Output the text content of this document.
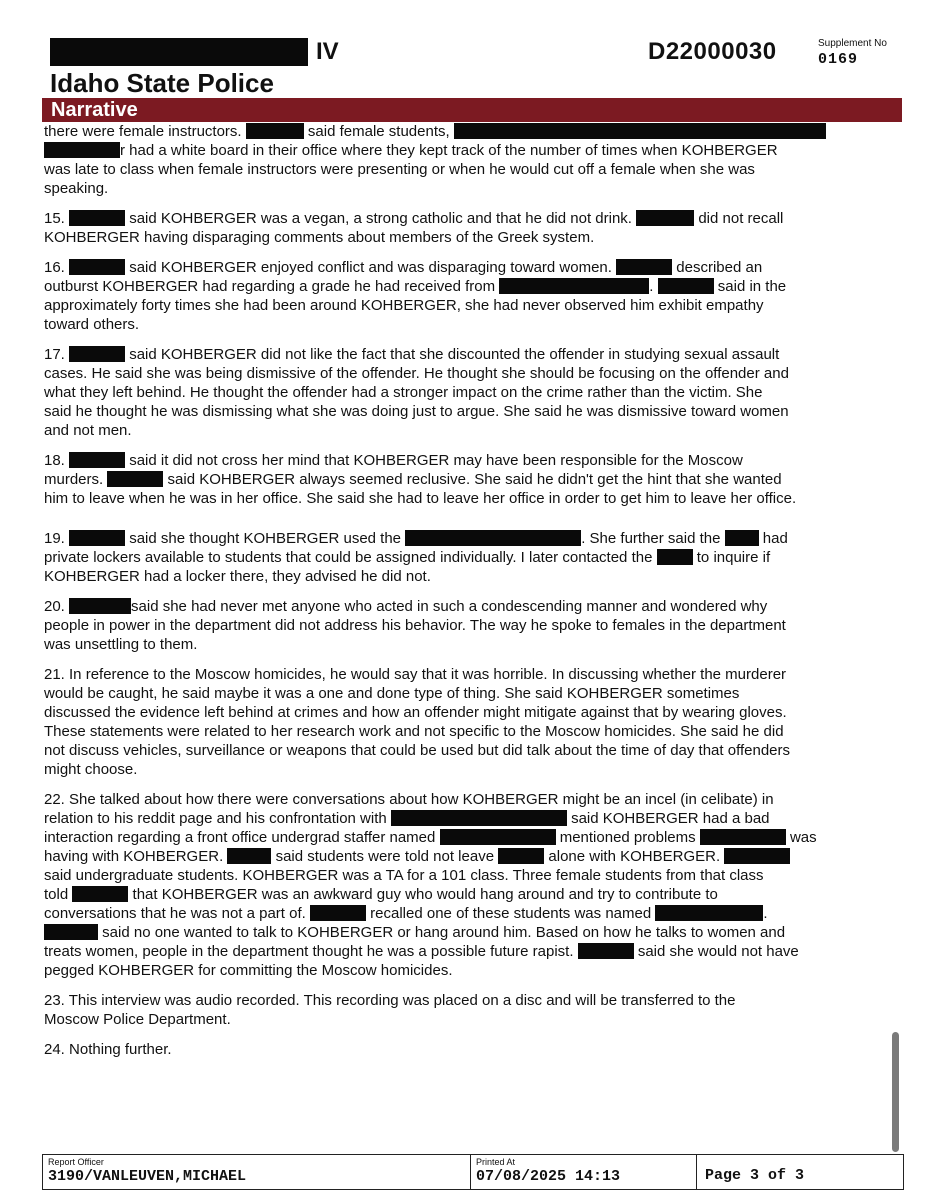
IV	D22000030	Supplement No
0169
Idaho State Police
Narrative

there were female instructors.	said female students,

r had a white board in their office where they kept track of the number of times when KOHBERGER

was late to class when female instructors were presenting or when he would cut off a female when she was

speaking.

15.	said KOHBERGER was a vegan, a strong catholic and that he did not drink.	did not recall

KOHBERGER having disparaging comments about members of the Greek system.

16.	said KOHBERGER enjoyed conflict and was disparaging toward women.	described an

outburst KOHBERGER had regarding a grade he had received from	.	said in the

approximately forty times she had been around KOHBERGER, she had never observed him exhibit empathy

toward others.

17.	said KOHBERGER did not like the fact that she discounted the offender in studying sexual assault

cases. He said she was being dismissive of the offender. He thought she should be focusing on the offender and

what they left behind. He thought the offender had a stronger impact on the crime rather than the victim. She

said he thought he was dismissing what she was doing just to argue. She said he was dismissive toward women

and not men.

18.	said it did not cross her mind that KOHBERGER may have been responsible for the Moscow

murders.	said KOHBERGER always seemed reclusive. She said he didn't get the hint that she wanted

him to leave when he was in her office. She said she had to leave her office in order to get him to leave her office.

19.	said she thought KOHBERGER used the	. She further said the	had

private lockers available to students that could be assigned individually. I later contacted the	to inquire if

KOHBERGER had a locker there, they advised he did not.

20.	said she had never met anyone who acted in such a condescending manner and wondered why

people in power in the department did not address his behavior. The way he spoke to females in the department

was unsettling to them.

21. In reference to the Moscow homicides, he would say that it was horrible. In discussing whether the murderer

would be caught, he said maybe it was a one and done type of thing. She said KOHBERGER sometimes

discussed the evidence left behind at crimes and how an offender might mitigate against that by wearing gloves.

These statements were related to her research work and not specific to the Moscow homicides. She said he did

not discuss vehicles, surveillance or weapons that could be used but did talk about the time of day that offenders

might choose.

22. She talked about how there were conversations about how KOHBERGER might be an incel (in celibate) in

relation to his reddit page and his confrontation with	said KOHBERGER had a bad

interaction regarding a front office undergrad staffer named	mentioned problems	was

having with KOHBERGER.	said students were told not leave	alone with KOHBERGER.

said undergraduate students. KOHBERGER was a TA for a 101 class. Three female students from that class

told	that KOHBERGER was an awkward guy who would hang around and try to contribute to

conversations that he was not a part of.	recalled one of these students was named	.

said no one wanted to talk to KOHBERGER or hang around him. Based on how he talks to women and

treats women, people in the department thought he was a possible future rapist.	said she would not have

pegged KOHBERGER for committing the Moscow homicides.

23. This interview was audio recorded. This recording was placed on a disc and will be transferred to the

Moscow Police Department.

24. Nothing further.

Report Officer
3190/VANLEUVEN,MICHAEL
Printed At
07/08/2025 14:13	Page 3 of 3
